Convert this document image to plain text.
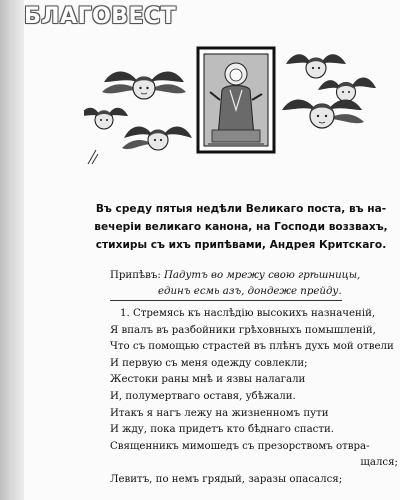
БЛАГОВЕСТ
Въ среду пятыя недѣли Великаго поста, въ на-
вечеріи великаго канона, на Господи воззвахъ,
стихиры съ ихъ припѣвами, Андрея Критскаго.
Припѣвъ: Падутъ во мрежу свою грѣшницы,
единъ есмь азъ, дондеже прейду.
1. Стремясь къ наслѣдію высокихъ назначеній,
Я впалъ въ разбойники грѣховныхъ помышленій,
Что съ помощью страстей въ плѣнъ духъ мой отвели
И первую съ меня одежду совлекли;
Жестоки раны мнѣ и язвы налагали
И, полумертваго оставя, убѣжали.
Итакъ я нагъ лежу на жизненномъ пути
И жду, пока придетъ кто бѣднаго спасти.
Священникъ мимошедъ съ презорствомъ отвра-
щался;
Левитъ, по немъ грядый, заразы опасался;
